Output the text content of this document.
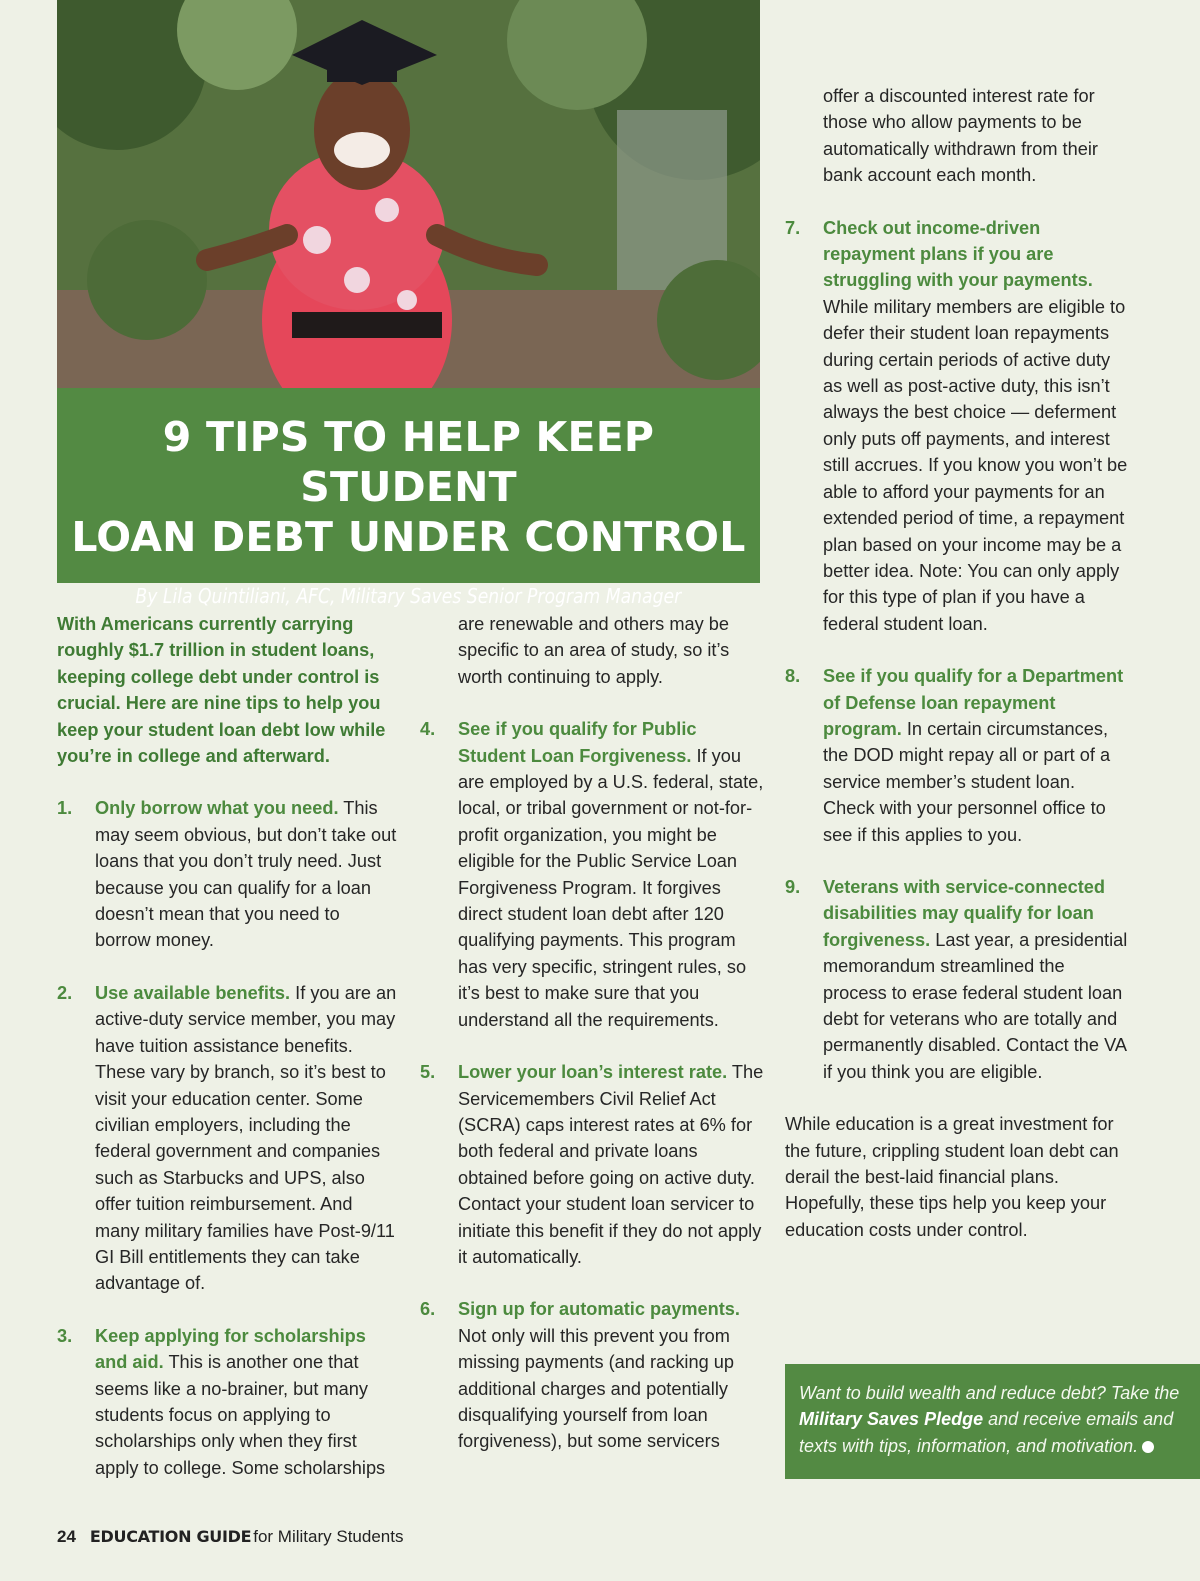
9 TIPS TO HELP KEEP STUDENT
LOAN DEBT UNDER CONTROL
By Lila Quintiliani, AFC, Military Saves Senior Program Manager

With Americans currently carrying roughly $1.7 trillion in student loans, keeping college debt under control is crucial. Here are nine tips to help you keep your student loan debt low while you’re in college and afterward.

1.	Only borrow what you need. This may seem obvious, but don’t take out loans that you don’t truly need. Just because you can qualify for a loan doesn’t mean that you need to borrow money.

2.	Use available benefits. If you are an active-duty service member, you may have tuition assistance benefits. These vary by branch, so it’s best to visit your education center. Some civilian employers, including the federal government and companies such as Starbucks and UPS, also offer tuition reimbursement. And many military families have Post-9/11 GI Bill entitlements they can take advantage of.

3.	Keep applying for scholarships and aid. This is another one that seems like a no-brainer, but many students focus on applying to scholarships only when they first apply to college. Some scholarships

are renewable and others may be specific to an area of study, so it’s worth continuing to apply.

4.	See if you qualify for Public Student Loan Forgiveness. If you are employed by a U.S. federal, state, local, or tribal government or not-for-profit organization, you might be eligible for the Public Service Loan Forgiveness Program. It forgives direct student loan debt after 120 qualifying payments. This program has very specific, stringent rules, so it’s best to make sure that you understand all the requirements.

5.	Lower your loan’s interest rate. The Servicemembers Civil Relief Act (SCRA) caps interest rates at 6% for both federal and private loans obtained before going on active duty. Contact your student loan servicer to initiate this benefit if they do not apply it automatically.

6.	Sign up for automatic payments. Not only will this prevent you from missing payments (and racking up additional charges and potentially disqualifying yourself from loan forgiveness), but some servicers

offer a discounted interest rate for those who allow payments to be automatically withdrawn from their bank account each month.

7.	Check out income-driven repayment plans if you are struggling with your payments. While military members are eligible to defer their student loan repayments during certain periods of active duty as well as post-active duty, this isn’t always the best choice — deferment only puts off payments, and interest still accrues. If you know you won’t be able to afford your payments for an extended period of time, a repayment plan based on your income may be a better idea. Note: You can only apply for this type of plan if you have a federal student loan.

8.	See if you qualify for a Department of Defense loan repayment program. In certain circumstances, the DOD might repay all or part of a service member’s student loan. Check with your personnel office to see if this applies to you.

9.	Veterans with service-connected disabilities may qualify for loan forgiveness. Last year, a presidential memorandum streamlined the process to erase federal student loan debt for veterans who are totally and permanently disabled. Contact the VA if you think you are eligible.

While education is a great investment for the future, crippling student loan debt can derail the best-laid financial plans. Hopefully, these tips help you keep your education costs under control.

Want to build wealth and reduce debt? Take the Military Saves Pledge and receive emails and texts with tips, information, and motivation.
24 EDUCATION GUIDE for Military Students
